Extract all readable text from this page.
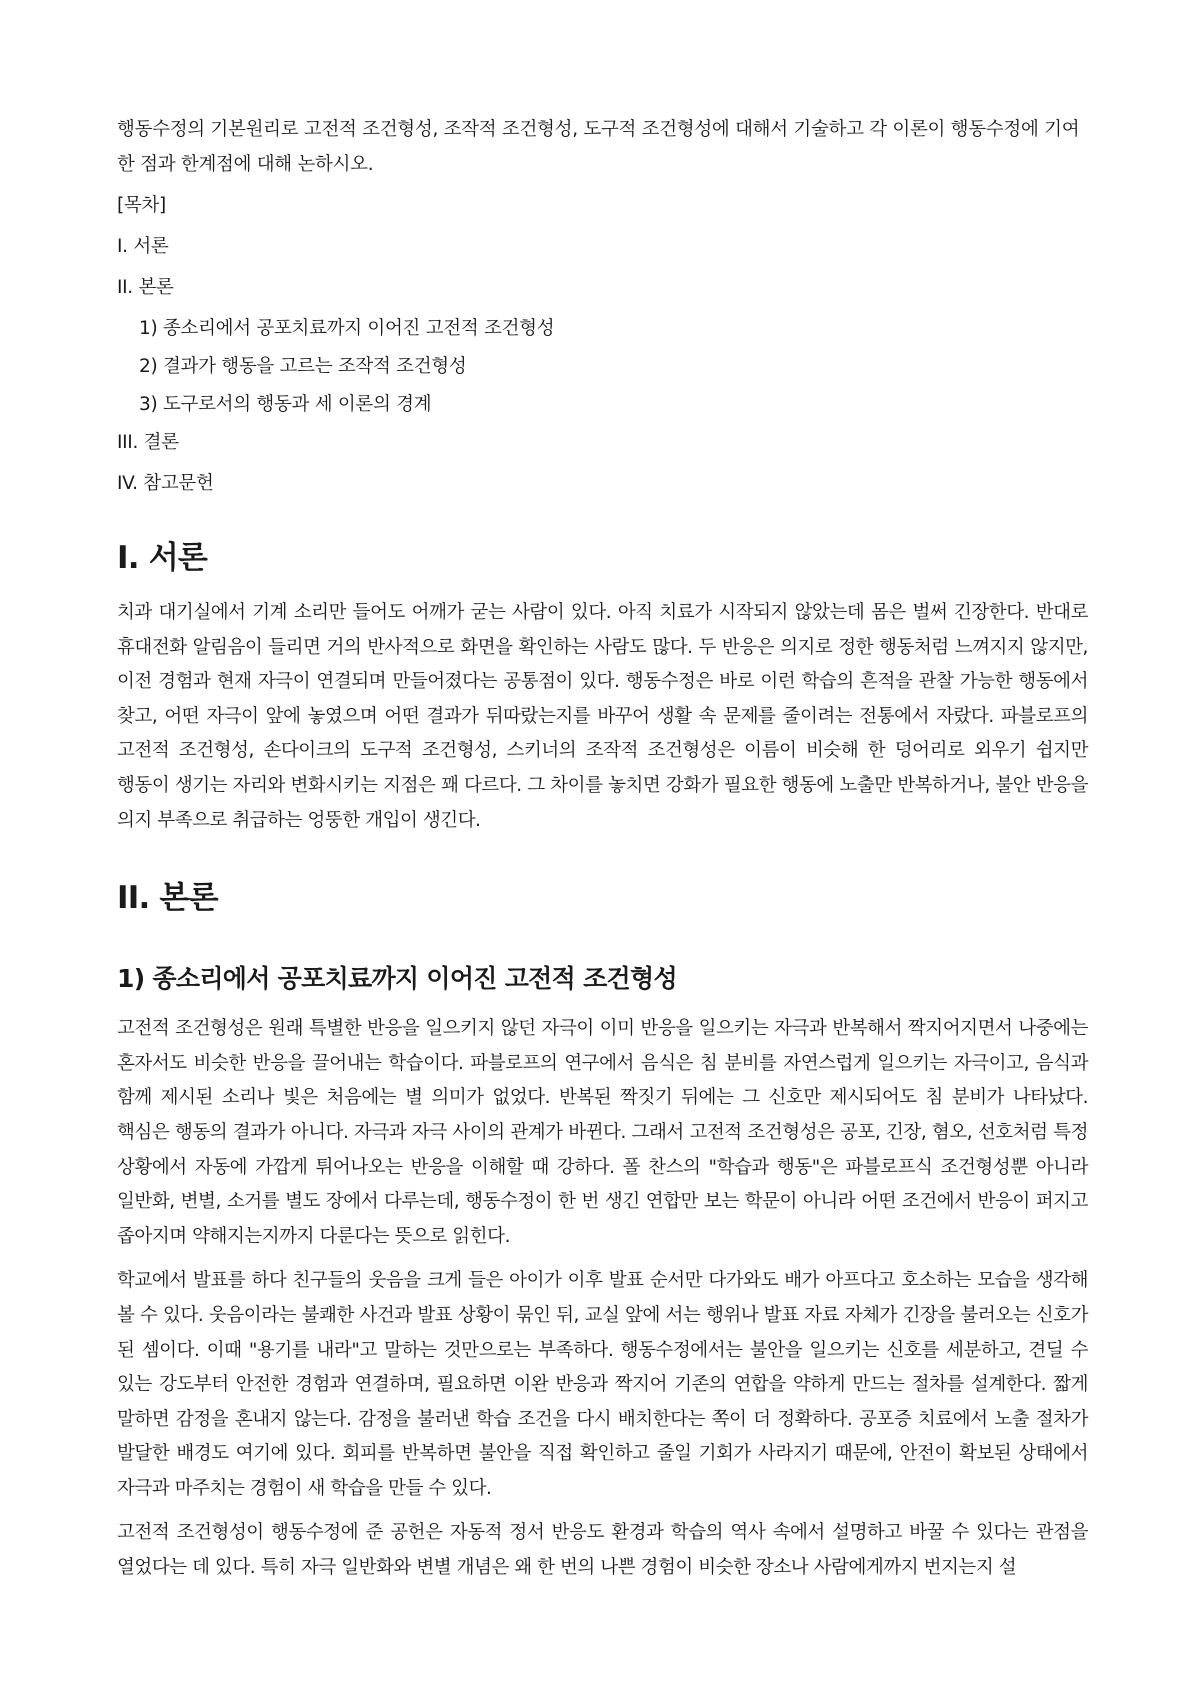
행동수정의 기본원리로 고전적 조건형성, 조작적 조건형성, 도구적 조건형성에 대해서 기술하고 각 이론이 행동수정에 기여한 점과 한계점에 대해 논하시오.

[목차]
I. 서론
II. 본론
1) 종소리에서 공포치료까지 이어진 고전적 조건형성
2) 결과가 행동을 고르는 조작적 조건형성
3) 도구로서의 행동과 세 이론의 경계
III. 결론
IV. 참고문헌
I. 서론

치과 대기실에서 기계 소리만 들어도 어깨가 굳는 사람이 있다. 아직 치료가 시작되지 않았는데 몸은 벌써 긴장한다. 반대로 휴대전화 알림음이 들리면 거의 반사적으로 화면을 확인하는 사람도 많다. 두 반응은 의지로 정한 행동처럼 느껴지지 않지만, 이전 경험과 현재 자극이 연결되며 만들어졌다는 공통점이 있다. 행동수정은 바로 이런 학습의 흔적을 관찰 가능한 행동에서 찾고, 어떤 자극이 앞에 놓였으며 어떤 결과가 뒤따랐는지를 바꾸어 생활 속 문제를 줄이려는 전통에서 자랐다. 파블로프의 고전적 조건형성, 손다이크의 도구적 조건형성, 스키너의 조작적 조건형성은 이름이 비슷해 한 덩어리로 외우기 쉽지만 행동이 생기는 자리와 변화시키는 지점은 꽤 다르다. 그 차이를 놓치면 강화가 필요한 행동에 노출만 반복하거나, 불안 반응을 의지 부족으로 취급하는 엉뚱한 개입이 생긴다.

II. 본론
1) 종소리에서 공포치료까지 이어진 고전적 조건형성

고전적 조건형성은 원래 특별한 반응을 일으키지 않던 자극이 이미 반응을 일으키는 자극과 반복해서 짝지어지면서 나중에는 혼자서도 비슷한 반응을 끌어내는 학습이다. 파블로프의 연구에서 음식은 침 분비를 자연스럽게 일으키는 자극이고, 음식과 함께 제시된 소리나 빛은 처음에는 별 의미가 없었다. 반복된 짝짓기 뒤에는 그 신호만 제시되어도 침 분비가 나타났다. 핵심은 행동의 결과가 아니다. 자극과 자극 사이의 관계가 바뀐다. 그래서 고전적 조건형성은 공포, 긴장, 혐오, 선호처럼 특정 상황에서 자동에 가깝게 튀어나오는 반응을 이해할 때 강하다. 폴 찬스의 "학습과 행동"은 파블로프식 조건형성뿐 아니라 일반화, 변별, 소거를 별도 장에서 다루는데, 행동수정이 한 번 생긴 연합만 보는 학문이 아니라 어떤 조건에서 반응이 퍼지고 좁아지며 약해지는지까지 다룬다는 뜻으로 읽힌다.

학교에서 발표를 하다 친구들의 웃음을 크게 들은 아이가 이후 발표 순서만 다가와도 배가 아프다고 호소하는 모습을 생각해 볼 수 있다. 웃음이라는 불쾌한 사건과 발표 상황이 묶인 뒤, 교실 앞에 서는 행위나 발표 자료 자체가 긴장을 불러오는 신호가 된 셈이다. 이때 "용기를 내라"고 말하는 것만으로는 부족하다. 행동수정에서는 불안을 일으키는 신호를 세분하고, 견딜 수 있는 강도부터 안전한 경험과 연결하며, 필요하면 이완 반응과 짝지어 기존의 연합을 약하게 만드는 절차를 설계한다. 짧게 말하면 감정을 혼내지 않는다. 감정을 불러낸 학습 조건을 다시 배치한다는 쪽이 더 정확하다. 공포증 치료에서 노출 절차가 발달한 배경도 여기에 있다. 회피를 반복하면 불안을 직접 확인하고 줄일 기회가 사라지기 때문에, 안전이 확보된 상태에서 자극과 마주치는 경험이 새 학습을 만들 수 있다.

고전적 조건형성이 행동수정에 준 공헌은 자동적 정서 반응도 환경과 학습의 역사 속에서 설명하고 바꿀 수 있다는 관점을 열었다는 데 있다. 특히 자극 일반화와 변별 개념은 왜 한 번의 나쁜 경험이 비슷한 장소나 사람에게까지 번지는지 설
